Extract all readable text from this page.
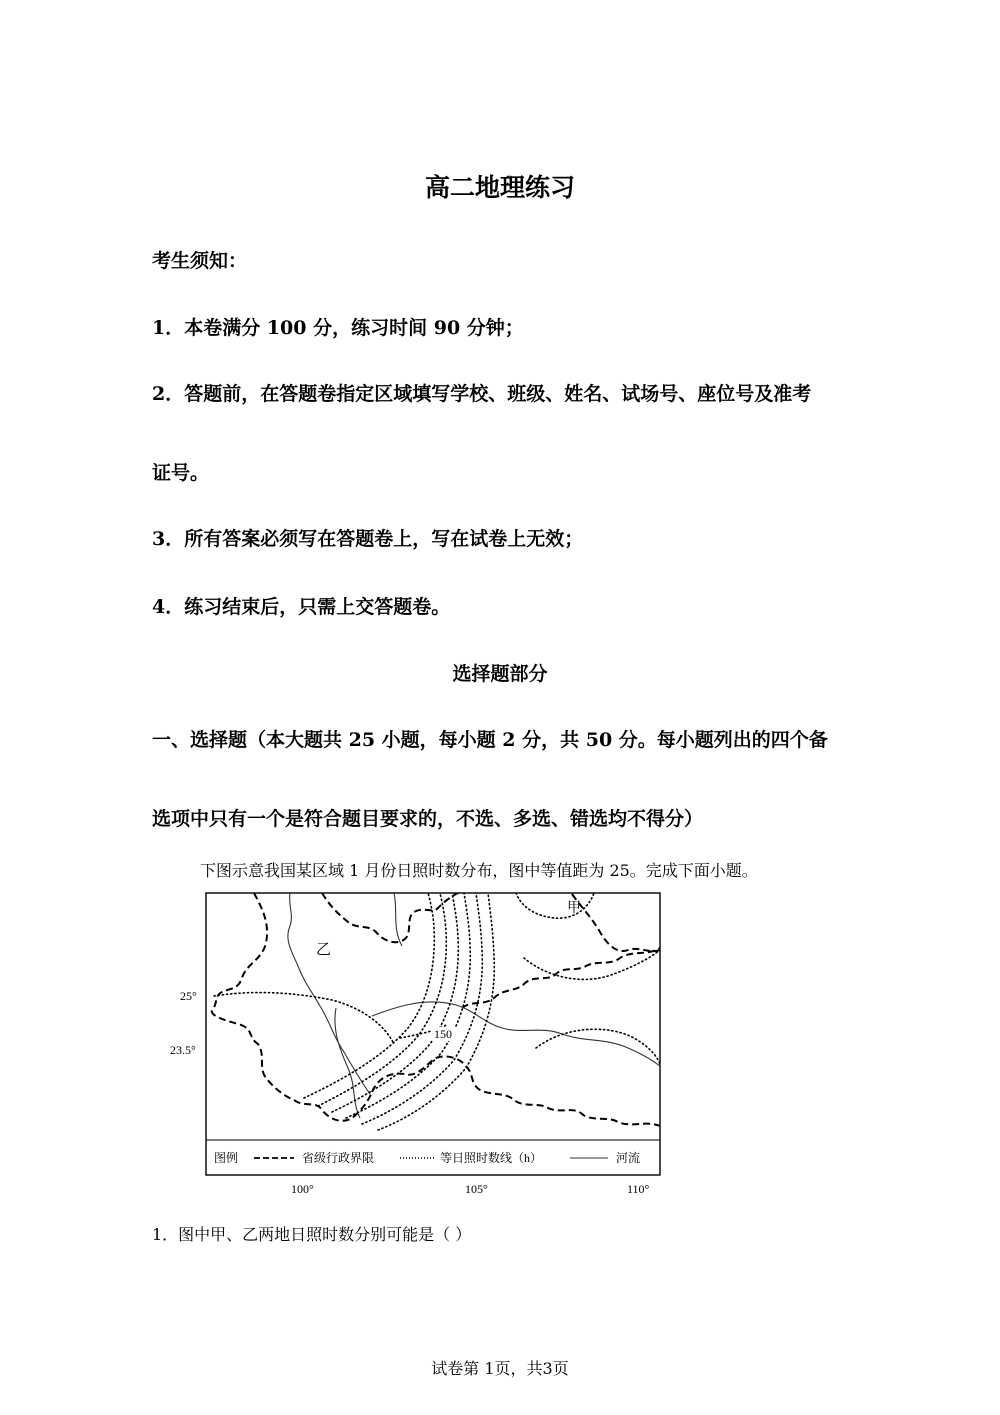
高二地理练习
考生须知：
1．本卷满分 100 分，练习时间 90 分钟；
2．答题前，在答题卷指定区域填写学校、班级、姓名、试场号、座位号及准考
证号。
3．所有答案必须写在答题卷上，写在试卷上无效；
4．练习结束后，只需上交答题卷。
选择题部分
一、选择题（本大题共 25 小题，每小题 2 分，共 50 分。每小题列出的四个备
选项中只有一个是符合题目要求的，不选、多选、错选均不得分）
下图示意我国某区域 1 月份日照时数分布，图中等值距为 25。完成下面小题。
150
甲
乙
25°
23.5°
100°	105°	110°
图例	省级行政界限	等日照时数线（h）	河流
1．图中甲、乙两地日照时数分别可能是（ ）
试卷第 1页，共3页
